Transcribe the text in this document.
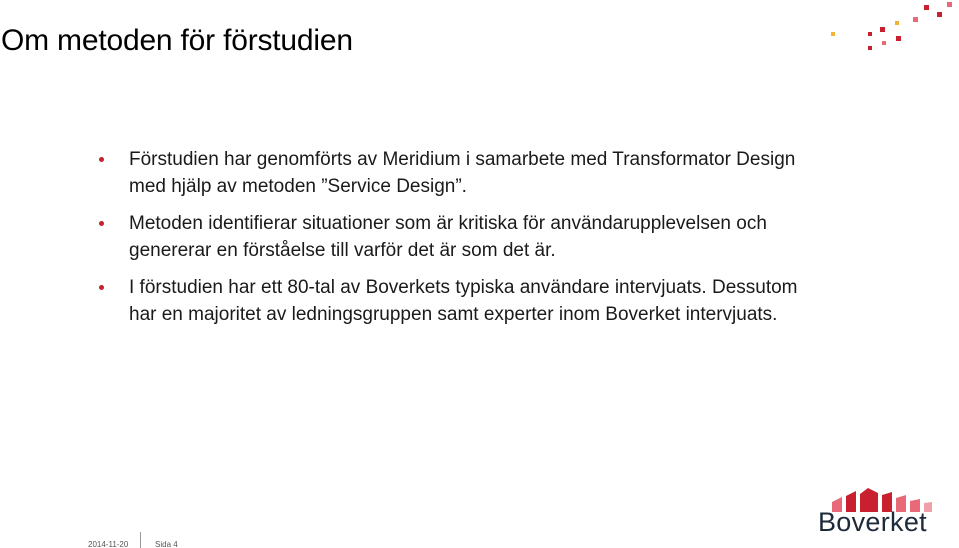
Om metoden för förstudien
Förstudien har genomförts av Meridium i samarbete med Transformator Design med hjälp av metoden ”Service Design”.
Metoden identifierar situationer som är kritiska för användarupplevelsen och genererar en förståelse till varför det är som det är.
I förstudien har ett 80-tal av Boverkets typiska användare intervjuats. Dessutom har en majoritet av ledningsgruppen samt experter inom Boverket intervjuats.
2014-11-20	Sida 4
Boverket
